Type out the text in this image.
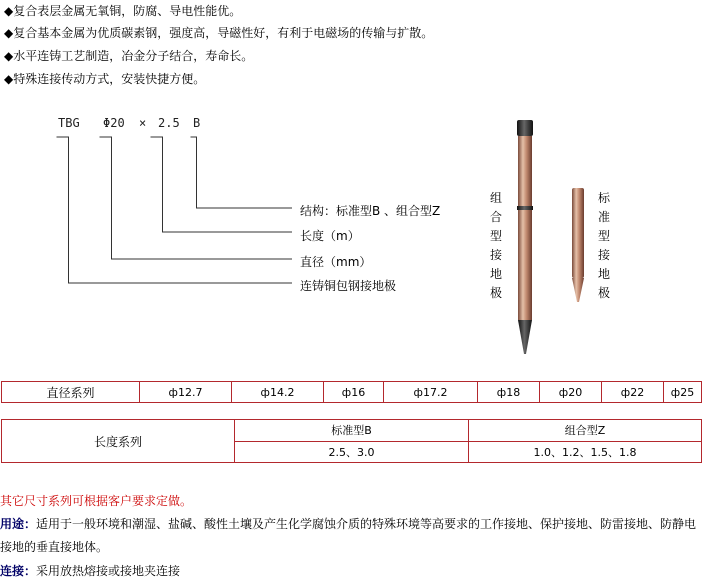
◆复合表层金属无氧铜，防腐、导电性能优。
◆复合基本金属为优质碳素钢，强度高，导磁性好，有利于电磁场的传输与扩散。
◆水平连铸工艺制造，冶金分子结合，寿命长。
◆特殊连接传动方式，安装快捷方便。
TBG Φ20 × 2.5 B
结构：标准型B 、组合型Z
长度（m）
直径（mm）
连铸铜包钢接地极
组合型接地极
标准型接地极
直径系列	ф12.7	ф14.2	ф16	ф17.2	ф18	ф20	ф22	ф25
长度系列	标准型B	组合型Z
	2.5、3.0	1.0、1.2、1.5、1.8
其它尺寸系列可根据客户要求定做。
用途：适用于一般环境和潮湿、盐碱、酸性土壤及产生化学腐蚀介质的特殊环境等高要求的工作接地、保护接地、防雷接地、防静电接地的垂直接地体。
连接：采用放热熔接或接地夹连接
